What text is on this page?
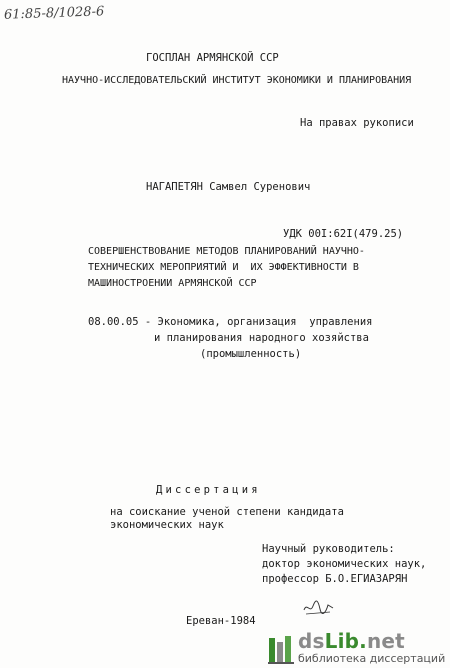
61:85-8/1028-6
ГОСПЛАН АРМЯНСКОЙ ССР
НАУЧНО-ИССЛЕДОВАТЕЛЬСКИЙ ИНСТИТУТ ЭКОНОМИКИ И ПЛАНИРОВАНИЯ
На правах рукописи
НАГАПЕТЯН Самвел Суренович
УДК 00I:62I(479.25)
СОВЕРШЕНСТВОВАНИЕ МЕТОДОВ ПЛАНИРОВАНИЙ НАУЧНО-
ТЕХНИЧЕСКИХ МЕРОПРИЯТИЙ И  ИХ ЭФФЕКТИВНОСТИ В
МАШИНОСТРОЕНИИ АРМЯНСКОЙ ССР
08.00.05 - Экономика, организация  управления
и планирования народного хозяйства
(промышленность)
Диссертация
на соискание ученой степени кандидата
экономических наук
Научный руководитель:
доктор экономических наук,
профессор Б.О.ЕГИАЗАРЯН
Ереван-1984
dsLib.net
библиотека диссертаций
